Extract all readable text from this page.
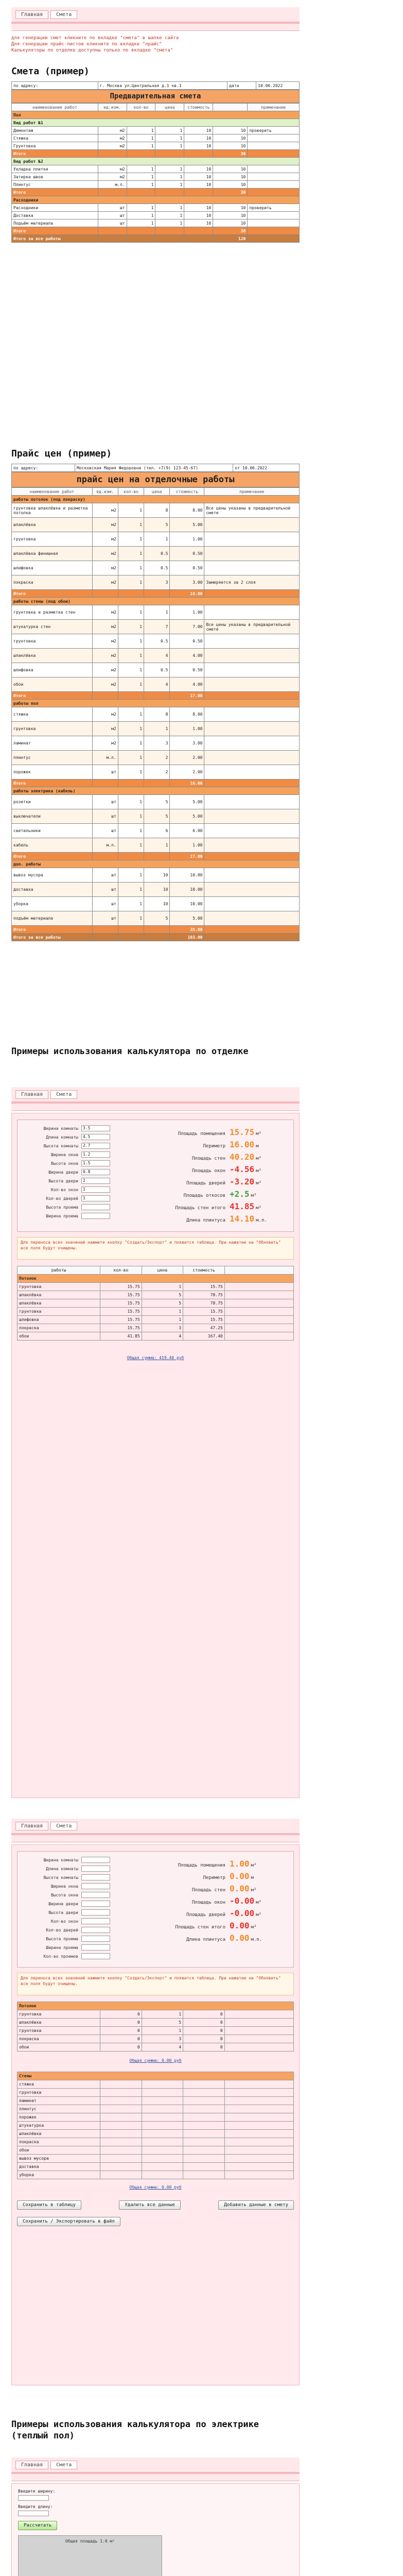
Главная	Смета
для генерации смет кликните по вкладке "смета" в шапке сайта
Для генерации прайс-листов кликните по вкладке "прайс"
Калькуляторы по отделке доступны только по вкладке "смета"
Смета (пример)
по адресу:	г. Москва ул.Центральная д.1 кв.1	дата	10.06.2022
Предварительная смета
наименование работ	ед.изм.	кол-во	цена	стоимость		примечание
Пол						
Вид работ №1						
Демонтаж	м2	1	1	10	10	проверить
Стяжка	м2	1	1	10	10	
Грунтовка	м2	1	1	10	10	
Итого					30	
Вид работ №2						
Укладка плитки	м2	1	1	10	10	
Затирка швов	м2	1	1	10	10	
Плинтус	м.п.	1	1	10	10	
Итого					30	
Расходники						
Расходники	шт	1	1	10	10	проверить
Доставка	шт	1	1	10	10	
Подъём материала	шт	1	1	10	10	
Итого					30	
Итого за все работы					120	
Прайс цен (пример)
по адресу:	Московская Мария Федоровна (тел. +7(9) 123-45-67)	от 10.06.2022
прайс цен на отделочные работы
наименование работ	ед.изм.	кол-во	цена	стоимость	примечание
работы потолок (под покраску)					
грунтовка шпаклёвка и разметка потолка	м2	1	8	8.00	Все цены указаны в предварительной смете
шпаклёвка	м2	1	5	5.00	
грунтовка	м2	1	1	1.00	
шпаклёвка финишная	м2	1	0.5	0.50	
шлифовка	м2	1	0.5	0.50	
покраска	м2	1	3	3.00	Замеряется за 2 слоя
Итого				18.00	
работы стены (под обои)					
грунтовка и разметка стен	м2	1	1	1.00	
штукатурка стен	м2	1	7	7.00	Все цены указаны в предварительной смете
грунтовка	м2	1	0.5	0.50	
шпаклёвка	м2	1	4	4.00	
шлифовка	м2	1	0.5	0.50	
обои	м2	1	4	4.00	
Итого				17.00	
работы пол					
стяжка	м2	1	8	8.00	
грунтовка	м2	1	1	1.00	
ламинат	м2	1	3	3.00	
плинтус	м.п.	1	2	2.00	
порожек	шт	1	2	2.00	
Итого				16.00	
работы электрика (кабель)					
розетки	шт	1	5	5.00	
выключатели	шт	1	5	5.00	
светильники	шт	1	6	6.00	
кабель	м.п.	1	1	1.00	
Итого				17.00	
доп. работы					
вывоз мусора	шт	1	10	10.00	
доставка	шт	1	10	10.00	
уборка	шт	1	10	10.00	
подъём материала	шт	1	5	5.00	
Итого				35.00	
Итого за все работы				103.00	
Примеры использования калькулятора по отделке
Главная	Смета
Ширина комнаты	3.5
Длина комнаты	4.5
Высота комнаты	2.7
Ширина окна	1.2
Высота окна	1.5
Ширина двери	0.8
Высота двери	2
Кол-во окон	1
Кол-во дверей	1
Высота проема
Ширина проема
Площадь помещения 15.75 м²
Периметр 16.00 м
Площадь стен 40.20 м²
Площадь окон -4.56 м²
Площадь дверей -3.20 м²
Площадь откосов +2.5 м²
Площадь стен итого 41.85 м²
Длина плинтуса 14.10 м.п.
Для переноса всех значений нажмите кнопку "Создать/Экспорт" и появится таблица. При нажатии на "Обновить" все поля будут очищены.
работы	кол-во	цена	стоимость	
Потолок				
грунтовка	15.75	1	15.75	
шпаклёвка	15.75	5	78.75	
шпаклёвка	15.75	5	78.75	
грунтовка	15.75	1	15.75	
шлифовка	15.75	1	15.75	
покраска	15.75	3	47.25	
обои	41.85	4	167.40	
Общая сумма: 419.40 руб
Главная	Смета
Ширина комнаты
Длина комнаты
Высота комнаты
Ширина окна
Высота окна
Ширина двери
Высота двери
Кол-во окон
Кол-во дверей
Высота проема
Ширина проема
Кол-во проемов
Площадь помещения 1.00 м²
Периметр 0.00 м
Площадь стен 0.00 м²
Площадь окон -0.00 м²
Площадь дверей -0.00 м²
Площадь стен итого 0.00 м²
Длина плинтуса 0.00 м.п.
Для переноса всех значений нажмите кнопку "Создать/Экспорт" и появится таблица. При нажатии на "Обновить" все поля будут очищены.
Потолок				
грунтовка	0	1	0	
шпаклёвка	0	5	0	
грунтовка	0	1	0	
покраска	0	3	0	
обои	0	4	0	
Общая сумма: 0.00 руб
Стены				
стяжка				
грунтовка				
ламинат				
плинтус				
порожек				
штукатурка				
шпаклёвка				
покраска				
обои				
вывоз мусора				
доставка				
уборка				
Общая сумма: 0.00 руб
Сохранить в таблицу	Удалить все данные	Добавить данные в смету
Сохранить / Экспортировать в файл
Примеры использования калькулятора по электрике (теплый пол)
Главная	Смета
Введите ширину:
Введите длину:
Рассчитать
Общая площадь 1.0 м²
